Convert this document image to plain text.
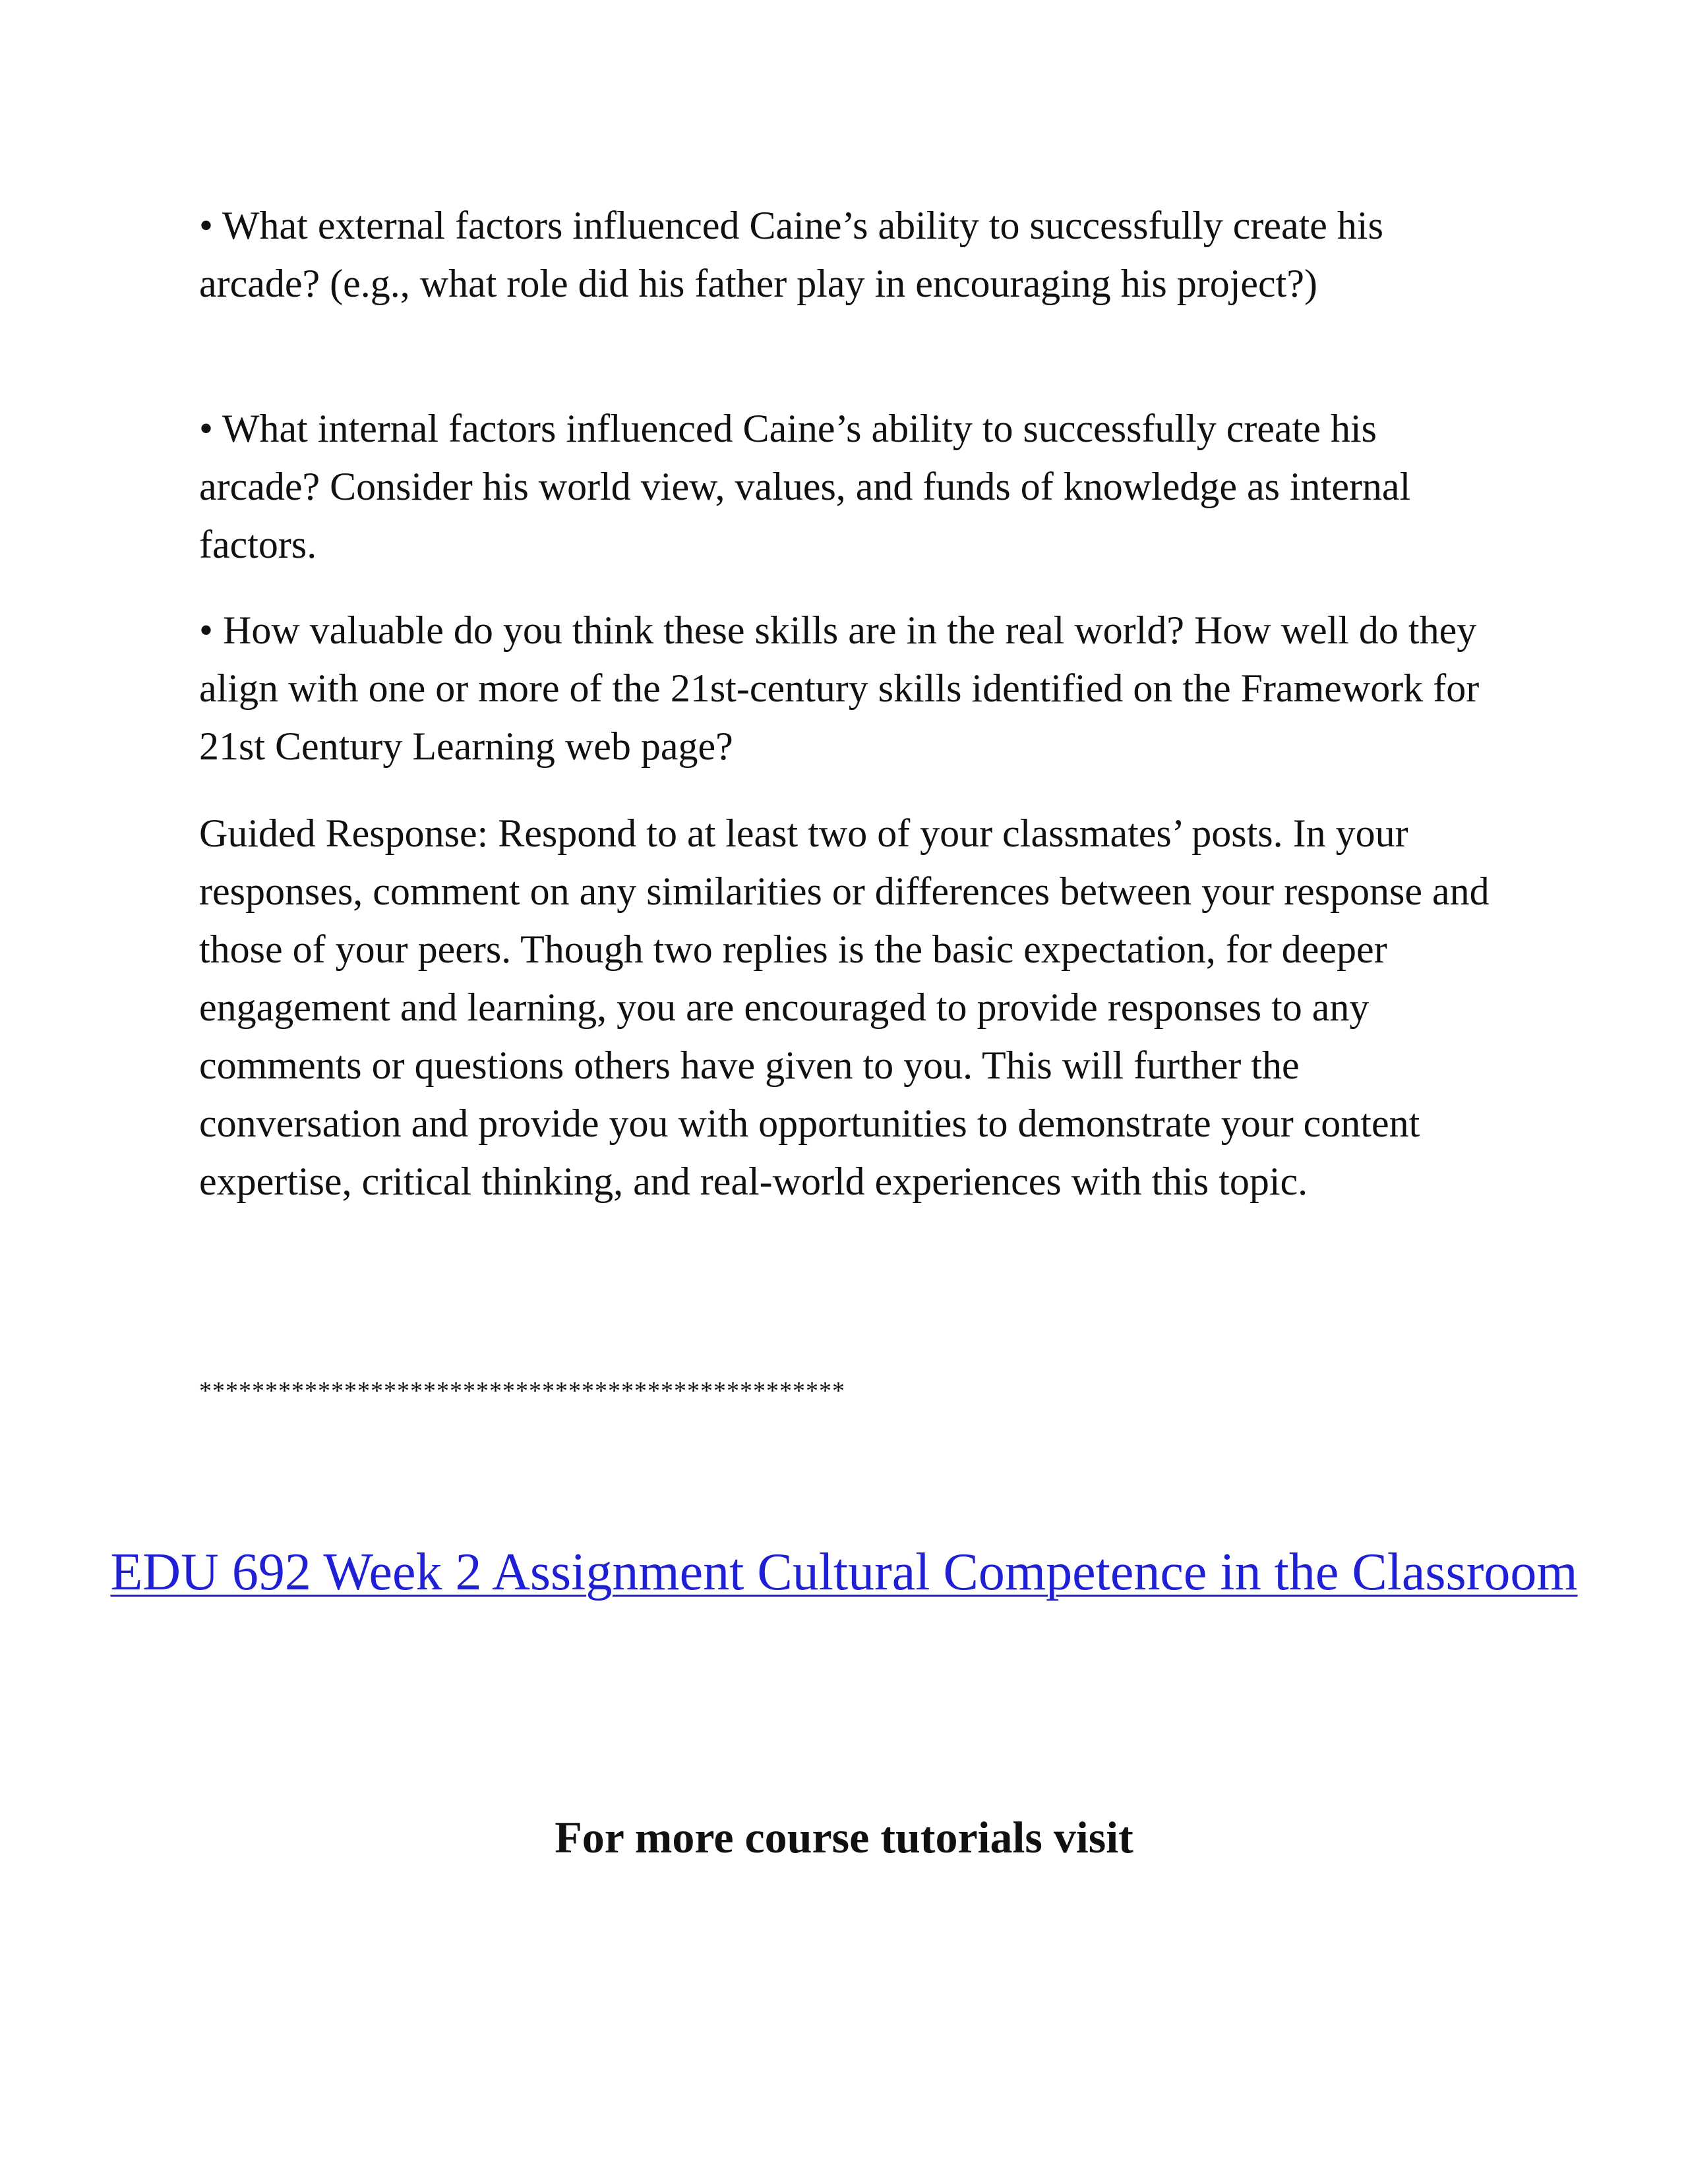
• What external factors influenced Caine’s ability to successfully create his arcade? (e.g., what role did his father play in encouraging his project?)

• What internal factors influenced Caine’s ability to successfully create his arcade? Consider his world view, values, and funds of knowledge as internal factors.

• How valuable do you think these skills are in the real world? How well do they align with one or more of the 21st-century skills identified on the Framework for 21st Century Learning web page?

Guided Response: Respond to at least two of your classmates’ posts. In your responses, comment on any similarities or differences between your response and those of your peers. Though two replies is the basic expectation, for deeper engagement and learning, you are encouraged to provide responses to any comments or questions others have given to you. This will further the conversation and provide you with opportunities to demonstrate your content expertise, critical thinking, and real-world experiences with this topic.

*************************************************

EDU 692 Week 2 Assignment Cultural Competence in the Classroom

For more course tutorials visit
